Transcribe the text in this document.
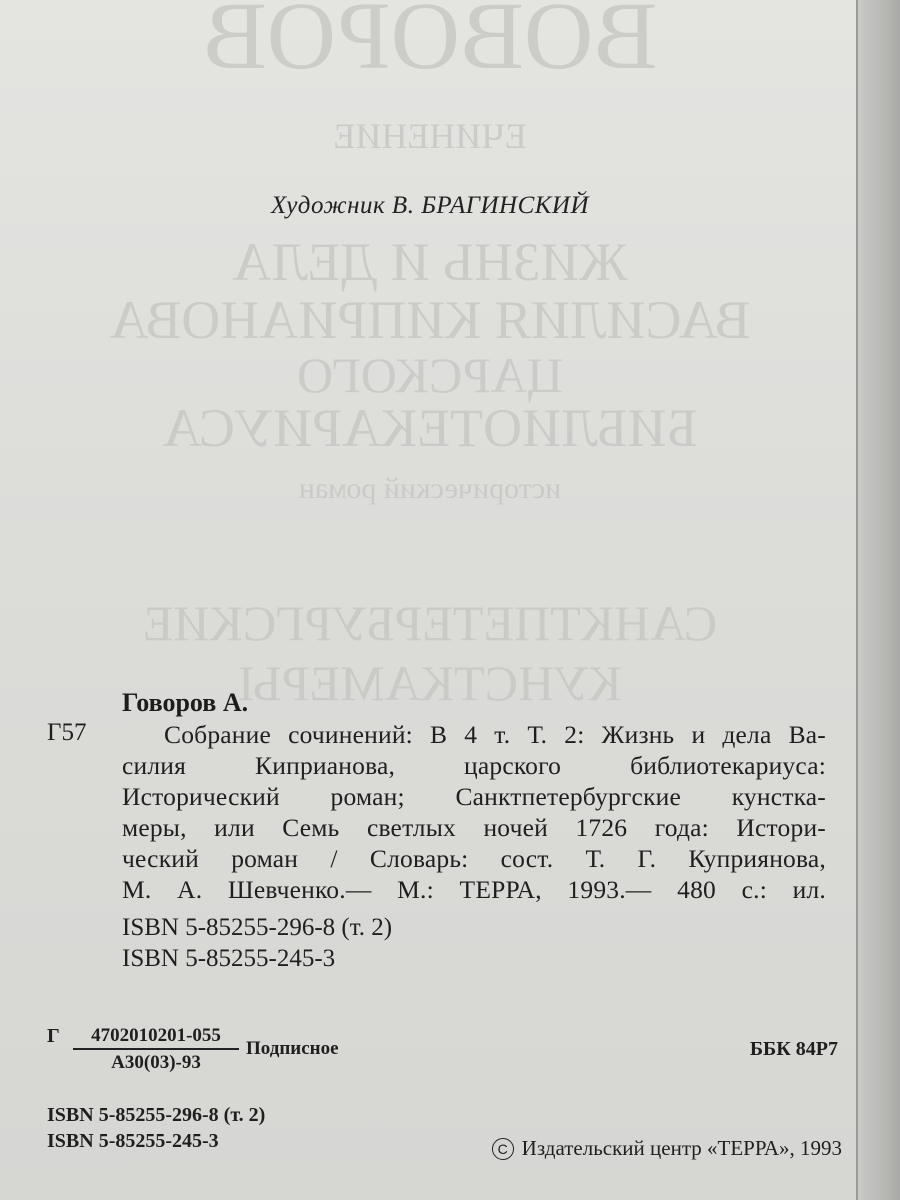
ВОВОРОВ
ЕЧИНЕНИЕ
ЖИЗНЬ И ДЕЛА
ВАСИЛИЯ КИПРИАНОВА
ЦАРСКОГО
БИБЛИОТЕКАРИУСА
исторический роман
САНКТПЕТЕРБУРГСКИЕ
КУНСТКАМЕРЫ
Художник В. БРАГИНСКИЙ
Говоров А.
Г57	Собрание сочинений: В 4 т. Т. 2: Жизнь и дела Ва-
силия Киприанова, царского библиотекариуса:
Исторический роман; Санктпетербургские кунстка-
меры, или Семь светлых ночей 1726 года: Истори-
ческий роман / Словарь: сост. Т. Г. Куприянова,
М. А. Шевченко.— М.: ТЕРРА, 1993.— 480 с.: ил.
ISBN 5-85255-296-8 (т. 2)
ISBN 5-85255-245-3
Г	4702010201-055
А30(03)-93
Подписное	ББК 84Р7
ISBN 5-85255-296-8 (т. 2)
ISBN 5-85255-245-3	C Издательский центр «ТЕРРА», 1993
